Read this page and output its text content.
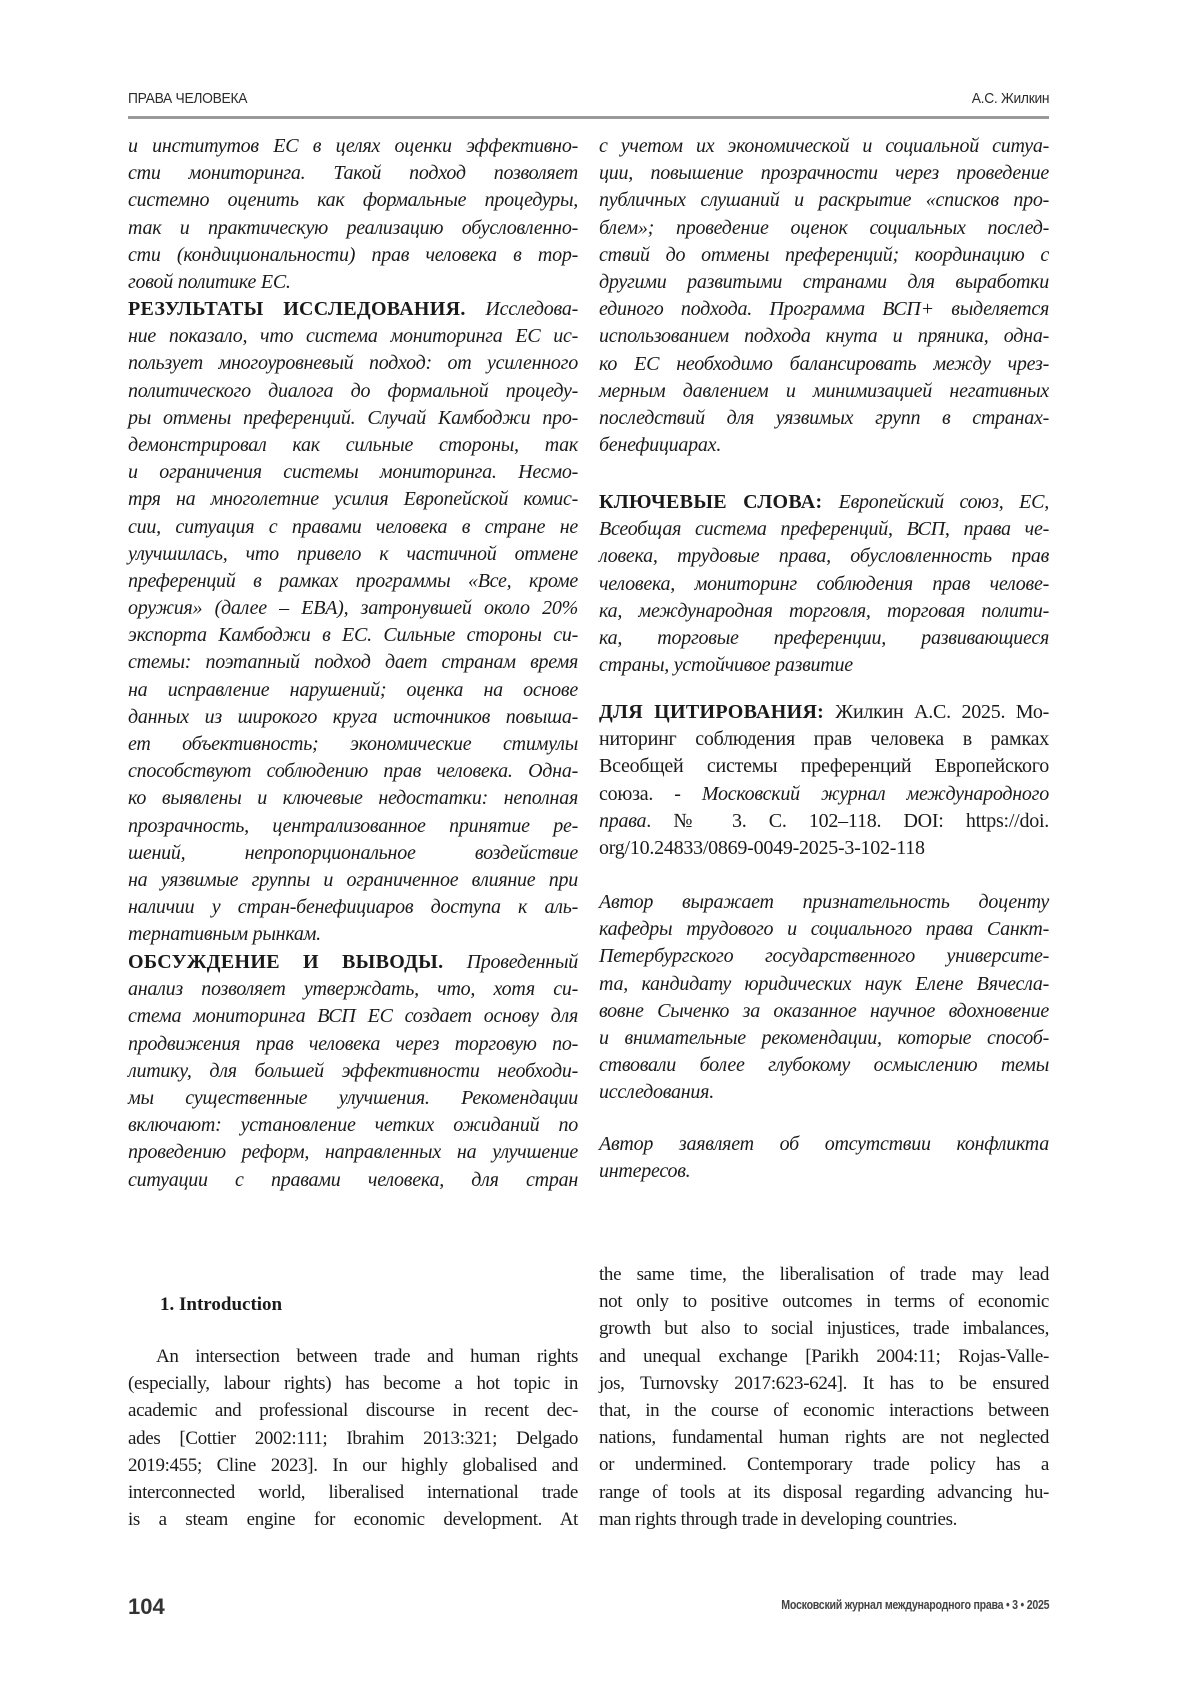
ПРАВА ЧЕЛОВЕКА	А.С. Жилкин
и институтов ЕС в целях оценки эффективно-
сти мониторинга. Такой подход позволяет
системно оценить как формальные процедуры,
так и практическую реализацию обусловленно-
сти (кондициональности) прав человека в тор-
говой политике ЕС.
РЕЗУЛЬТАТЫ ИССЛЕДОВАНИЯ. Исследова-
ние показало, что система мониторинга ЕС ис-
пользует многоуровневый подход: от усиленного
политического диалога до формальной процеду-
ры отмены преференций. Случай Камбоджи про-
демонстрировал как сильные стороны, так
и ограничения системы мониторинга. Несмо-
тря на многолетние усилия Европейской комис-
сии, ситуация с правами человека в стране не
улучшилась, что привело к частичной отмене
преференций в рамках программы «Все, кроме
оружия» (далее – EBA), затронувшей около 20%
экспорта Камбоджи в ЕС. Сильные стороны си-
стемы: поэтапный подход дает странам время
на исправление нарушений; оценка на основе
данных из широкого круга источников повыша-
ет объективность; экономические стимулы
способствуют соблюдению прав человека. Одна-
ко выявлены и ключевые недостатки: неполная
прозрачность, централизованное принятие ре-
шений, непропорциональное воздействие
на уязвимые группы и ограниченное влияние при
наличии у стран-бенефициаров доступа к аль-
тернативным рынкам.
ОБСУЖДЕНИЕ И ВЫВОДЫ. Проведенный
анализ позволяет утверждать, что, хотя си-
стема мониторинга ВСП ЕС создает основу для
продвижения прав человека через торговую по-
литику, для большей эффективности необходи-
мы существенные улучшения. Рекомендации
включают: установление четких ожиданий по
проведению реформ, направленных на улучшение
ситуации с правами человека, для стран
с учетом их экономической и социальной ситуа-
ции, повышение прозрачности через проведение
публичных слушаний и раскрытие «списков про-
блем»; проведение оценок социальных послед-
ствий до отмены преференций; координацию с
другими развитыми странами для выработки
единого подхода. Программа ВСП+ выделяется
использованием подхода кнута и пряника, одна-
ко ЕС необходимо балансировать между чрез-
мерным давлением и минимизацией негативных
последствий для уязвимых групп в странах-
бенефициарах.
КЛЮЧЕВЫЕ СЛОВА: Европейский союз, ЕС,
Всеобщая система преференций, ВСП, права че-
ловека, трудовые права, обусловленность прав
человека, мониторинг соблюдения прав челове-
ка, международная торговля, торговая полити-
ка, торговые преференции, развивающиеся
страны, устойчивое развитие
ДЛЯ ЦИТИРОВАНИЯ: Жилкин А.С. 2025. Мо-
ниторинг соблюдения прав человека в рамках
Всеобщей системы преференций Европейского
союза. - Московский журнал международного
права. № 3. С. 102–118. DOI: https://doi.
org/10.24833/0869-0049-2025-3-102-118
Автор выражает признательность доценту
кафедры трудового и социального права Санкт-
Петербургского государственного университе-
та, кандидату юридических наук Елене Вячесла-
вовне Сыченко за оказанное научное вдохновение
и внимательные рекомендации, которые способ-
ствовали более глубокому осмыслению темы
исследования.
Автор заявляет об отсутствии конфликта
интересов.
1. Introduction
An intersection between trade and human rights
(especially, labour rights) has become a hot topic in
academic and professional discourse in recent dec-
ades [Cottier 2002:111; Ibrahim 2013:321; Delgado
2019:455; Cline 2023]. In our highly globalised and
interconnected world, liberalised international trade
is a steam engine for economic development. At
the same time, the liberalisation of trade may lead
not only to positive outcomes in terms of economic
growth but also to social injustices, trade imbalances,
and unequal exchange [Parikh 2004:11; Rojas-Valle-
jos, Turnovsky 2017:623-624]. It has to be ensured
that, in the course of economic interactions between
nations, fundamental human rights are not neglected
or undermined. Contemporary trade policy has a
range of tools at its disposal regarding advancing hu-
man rights through trade in developing countries.
104	Московский журнал международного права • 3 • 2025
